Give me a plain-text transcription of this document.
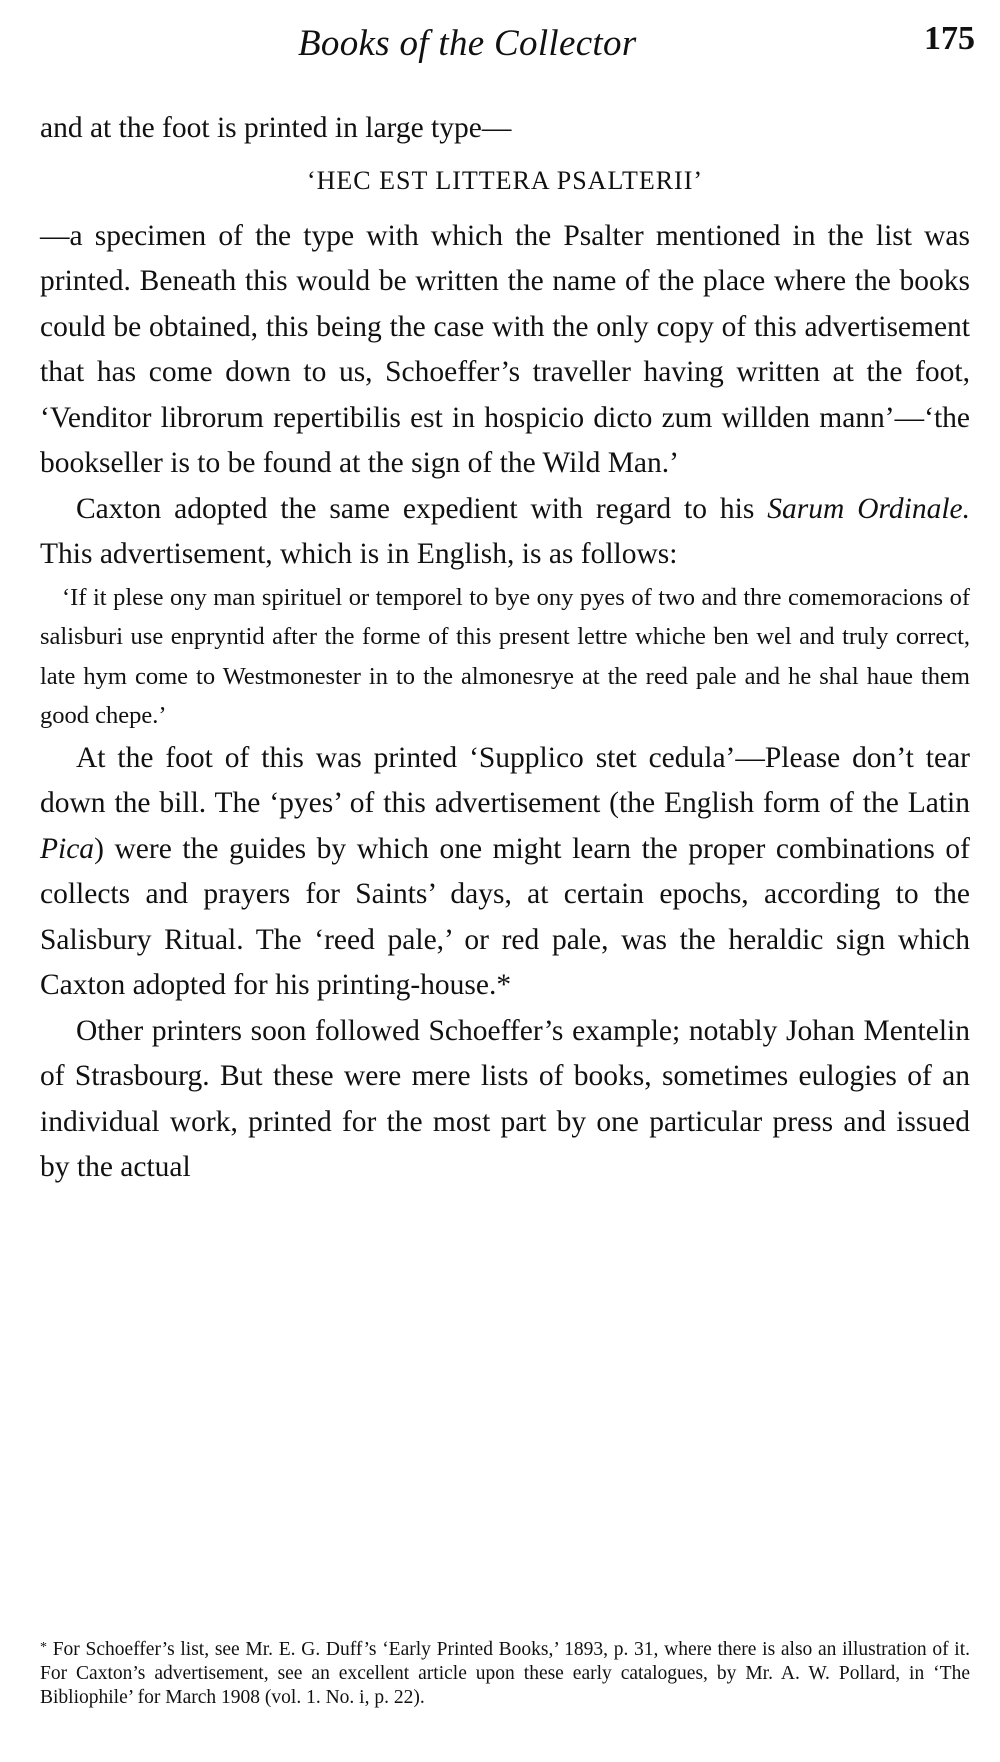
Books of the Collector	175

and at the foot is printed in large type—

‘HEC EST LITTERA PSALTERII’

—a specimen of the type with which the Psalter mentioned in the list was printed. Beneath this would be written the name of the place where the books could be obtained, this being the case with the only copy of this advertisement that has come down to us, Schoeffer’s traveller having written at the foot, ‘Venditor librorum repertibilis est in hospicio dicto zum willden mann’—‘the bookseller is to be found at the sign of the Wild Man.’

Caxton adopted the same expedient with regard to his Sarum Ordinale. This advertisement, which is in English, is as follows:

‘If it plese ony man spirituel or temporel to bye ony pyes of two and thre comemoracions of salisburi use enpryntid after the forme of this present lettre whiche ben wel and truly correct, late hym come to Westmonester in to the almonesrye at the reed pale and he shal haue them good chepe.’

At the foot of this was printed ‘Supplico stet cedula’—Please don’t tear down the bill. The ‘pyes’ of this advertisement (the English form of the Latin Pica) were the guides by which one might learn the proper combinations of collects and prayers for Saints’ days, at certain epochs, according to the Salisbury Ritual. The ‘reed pale,’ or red pale, was the heraldic sign which Caxton adopted for his printing-house.*

Other printers soon followed Schoeffer’s example; notably Johan Mentelin of Strasbourg. But these were mere lists of books, sometimes eulogies of an individual work, printed for the most part by one particular press and issued by the actual

* For Schoeffer’s list, see Mr. E. G. Duff’s ‘Early Printed Books,’ 1893, p. 31, where there is also an illustration of it. For Caxton’s advertisement, see an excellent article upon these early catalogues, by Mr. A. W. Pollard, in ‘The Bibliophile’ for March 1908 (vol. 1. No. i, p. 22).
